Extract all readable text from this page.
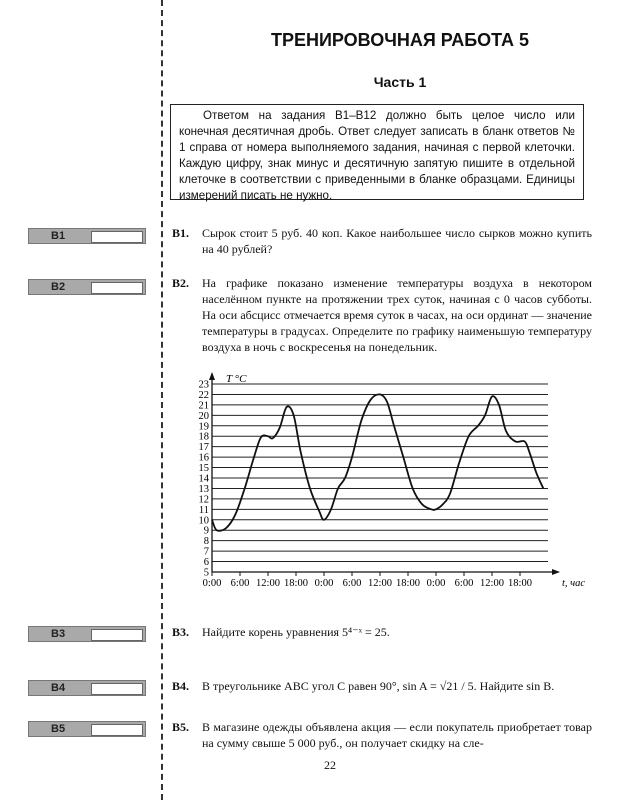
ТРЕНИРОВОЧНАЯ РАБОТА 5
Часть 1
Ответом на задания В1–В12 должно быть целое число или конечная десятичная дробь. Ответ следует записать в бланк ответов № 1 справа от номера выполняемого задания, начиная с первой клеточки. Каждую цифру, знак минус и десятичную запятую пишите в отдельной клеточке в соответствии с приведенными в бланке образцами. Единицы измерений писать не нужно.
В1
В2
В3
В4
В5
В1. Сырок стоит 5 руб. 40 коп. Какое наибольшее число сырков можно купить на 40 рублей?
В2. На графике показано изменение температуры воздуха в некотором населённом пункте на протяжении трех суток, начиная с 0 часов субботы. На оси абсцисс отмечается время суток в часах, на оси ординат — значение температуры в градусах. Определите по графику наименьшую температуру воздуха в ночь с воскресенья на понедельник.
В3. Найдите корень уравнения 5⁴⁻ˣ = 25.
В4. В треугольнике ABC угол C равен 90°, sin A = √21 / 5. Найдите sin B.
В5. В магазине одежды объявлена акция — если покупатель приобретает товар на сумму свыше 5 000 руб., он получает скидку на сле-
5
6
7
8
9
10
11
12
13
14
15
16
17
18
19
20
21
22
23
0:00 6:00 12:00 18:00 0:00 6:00 12:00 18:00 0:00 6:00 12:00 18:00
T °C
t, час
22
